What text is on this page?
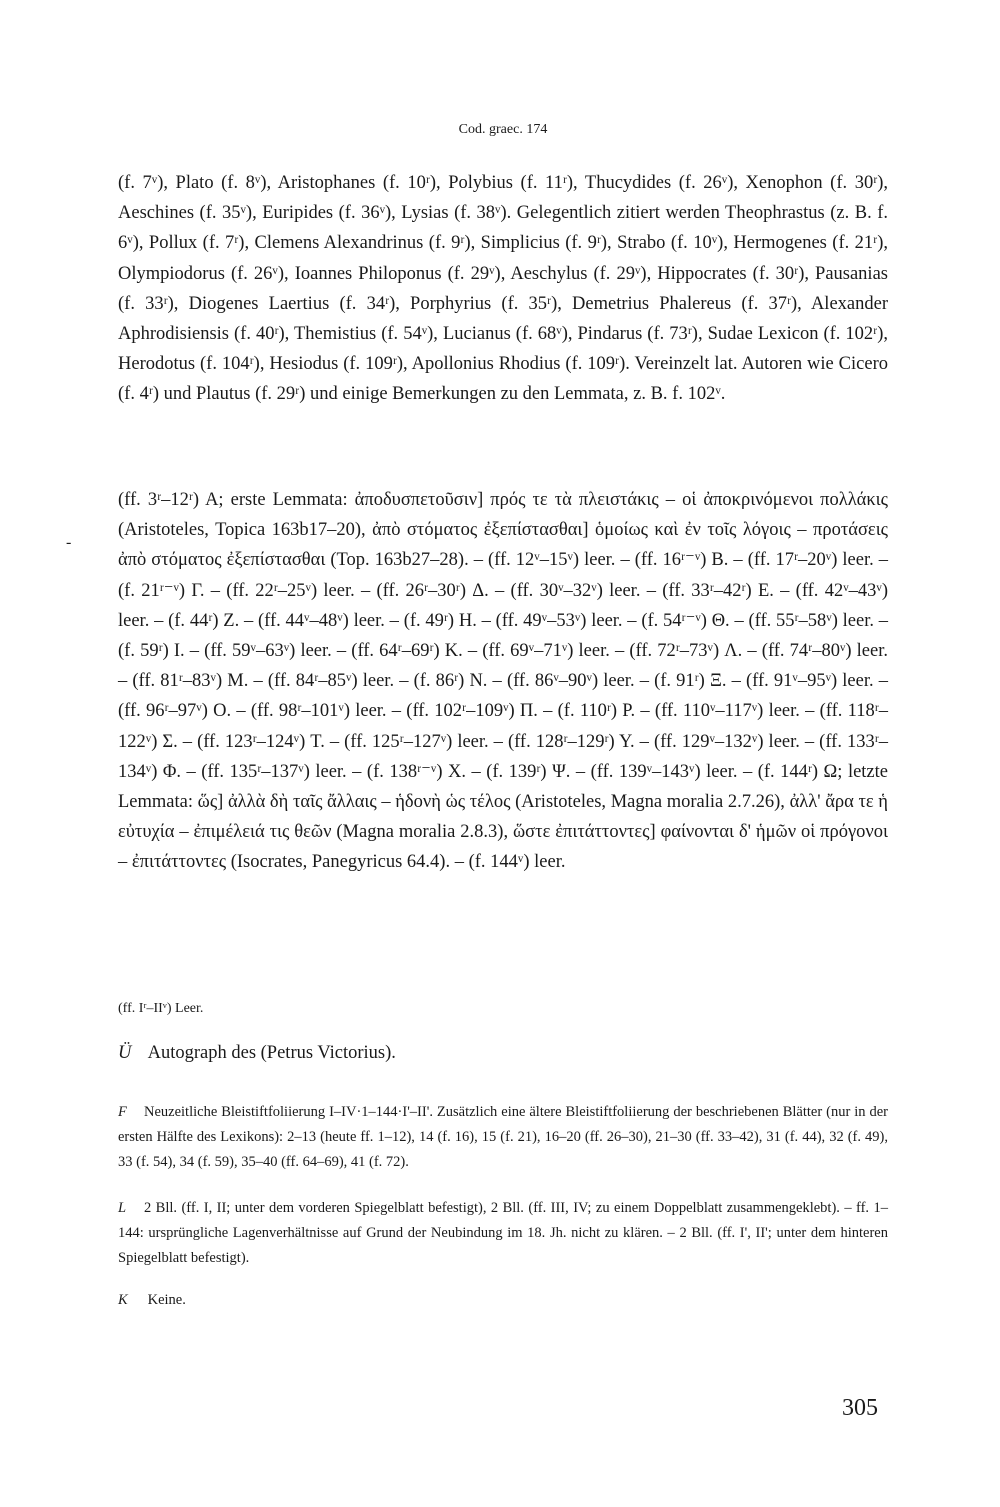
Cod. graec. 174

(f. 7ᵛ), Plato (f. 8ᵛ), Aristophanes (f. 10ʳ), Polybius (f. 11ʳ), Thucydides (f. 26ᵛ), Xenophon (f. 30ʳ), Aeschines (f. 35ᵛ), Euripides (f. 36ᵛ), Lysias (f. 38ᵛ). Gelegentlich zitiert werden Theophrastus (z. B. f. 6ᵛ), Pollux (f. 7ʳ), Clemens Alexandrinus (f. 9ʳ), Simplicius (f. 9ʳ), Strabo (f. 10ᵛ), Hermogenes (f. 21ʳ), Olympiodorus (f. 26ᵛ), Ioannes Philoponus (f. 29ᵛ), Aeschylus (f. 29ᵛ), Hippocrates (f. 30ʳ), Pausanias (f. 33ʳ), Diogenes Laertius (f. 34ʳ), Porphyrius (f. 35ʳ), Demetrius Phalereus (f. 37ʳ), Alexander Aphrodisiensis (f. 40ʳ), Themistius (f. 54ᵛ), Lucianus (f. 68ᵛ), Pindarus (f. 73ʳ), Sudae Lexicon (f. 102ʳ), Herodotus (f. 104ʳ), Hesiodus (f. 109ʳ), Apollonius Rhodius (f. 109ʳ). Vereinzelt lat. Autoren wie Cicero (f. 4ʳ) und Plautus (f. 29ʳ) und einige Bemerkungen zu den Lemmata, z. B. f. 102ᵛ.

(ff. 3ʳ–12ʳ) A; erste Lemmata: ἀποδυσπετοῦσιν] πρός τε τὰ πλειστάκις – οἱ ἀποκρινόμενοι πολλάκις (Aristoteles, Topica 163b17–20), ἀπὸ στόματος ἐξεπίστασθαι] ὁμοίως καὶ ἐν τοῖς λόγοις – προτάσεις ἀπὸ στόματος ἐξεπίστασθαι (Top. 163b27–28). – (ff. 12ᵛ–15ᵛ) leer. – (ff. 16ʳ⁻ᵛ) B. – (ff. 17ʳ–20ᵛ) leer. – (f. 21ʳ⁻ᵛ) Γ. – (ff. 22ʳ–25ᵛ) leer. – (ff. 26ʳ–30ʳ) Δ. – (ff. 30ᵛ–32ᵛ) leer. – (ff. 33ʳ–42ʳ) E. – (ff. 42ᵛ–43ᵛ) leer. – (f. 44ʳ) Z. – (ff. 44ᵛ–48ᵛ) leer. – (f. 49ʳ) H. – (ff. 49ᵛ–53ᵛ) leer. – (f. 54ʳ⁻ᵛ) Θ. – (ff. 55ʳ–58ᵛ) leer. – (f. 59ʳ) I. – (ff. 59ᵛ–63ᵛ) leer. – (ff. 64ʳ–69ʳ) K. – (ff. 69ᵛ–71ᵛ) leer. – (ff. 72ʳ–73ᵛ) Λ. – (ff. 74ʳ–80ᵛ) leer. – (ff. 81ʳ–83ᵛ) M. – (ff. 84ʳ–85ᵛ) leer. – (f. 86ʳ) N. – (ff. 86ᵛ–90ᵛ) leer. – (f. 91ʳ) Ξ. – (ff. 91ᵛ–95ᵛ) leer. – (ff. 96ʳ–97ᵛ) O. – (ff. 98ʳ–101ᵛ) leer. – (ff. 102ʳ–109ᵛ) Π. – (f. 110ʳ) P. – (ff. 110ᵛ–117ᵛ) leer. – (ff. 118ʳ–122ᵛ) Σ. – (ff. 123ʳ–124ᵛ) T. – (ff. 125ʳ–127ᵛ) leer. – (ff. 128ʳ–129ʳ) Y. – (ff. 129ᵛ–132ᵛ) leer. – (ff. 133ʳ–134ᵛ) Φ. – (ff. 135ʳ–137ᵛ) leer. – (f. 138ʳ⁻ᵛ) X. – (f. 139ʳ) Ψ. – (ff. 139ᵛ–143ᵛ) leer. – (f. 144ʳ) Ω; letzte Lemmata: ὥς] ἀλλὰ δὴ ταῖς ἄλλαις – ἡδονὴ ὡς τέλος (Aristoteles, Magna moralia 2.7.26), ἀλλ' ἄρα τε ἡ εὐτυχία – ἐπιμέλειά τις θεῶν (Magna moralia 2.8.3), ὥστε ἐπιτάττοντες] φαίνονται δ' ἡμῶν οἱ πρόγονοι – ἐπιτάττοντες (Isocrates, Panegyricus 64.4). – (f. 144ᵛ) leer.

(ff. Iʳ–IIᵛ) Leer.
Ü Autograph des (Petrus Victorius).
F Neuzeitliche Bleistiftfoliierung I–IV·1–144·I'–II'. Zusätzlich eine ältere Bleistiftfoliierung der beschriebenen Blätter (nur in der ersten Hälfte des Lexikons): 2–13 (heute ff. 1–12), 14 (f. 16), 15 (f. 21), 16–20 (ff. 26–30), 21–30 (ff. 33–42), 31 (f. 44), 32 (f. 49), 33 (f. 54), 34 (f. 59), 35–40 (ff. 64–69), 41 (f. 72).
L 2 Bll. (ff. I, II; unter dem vorderen Spiegelblatt befestigt), 2 Bll. (ff. III, IV; zu einem Doppelblatt zusammengeklebt). – ff. 1–144: ursprüngliche Lagenverhältnisse auf Grund der Neubindung im 18. Jh. nicht zu klären. – 2 Bll. (ff. I', II'; unter dem hinteren Spiegelblatt befestigt).
K Keine.
305
-
